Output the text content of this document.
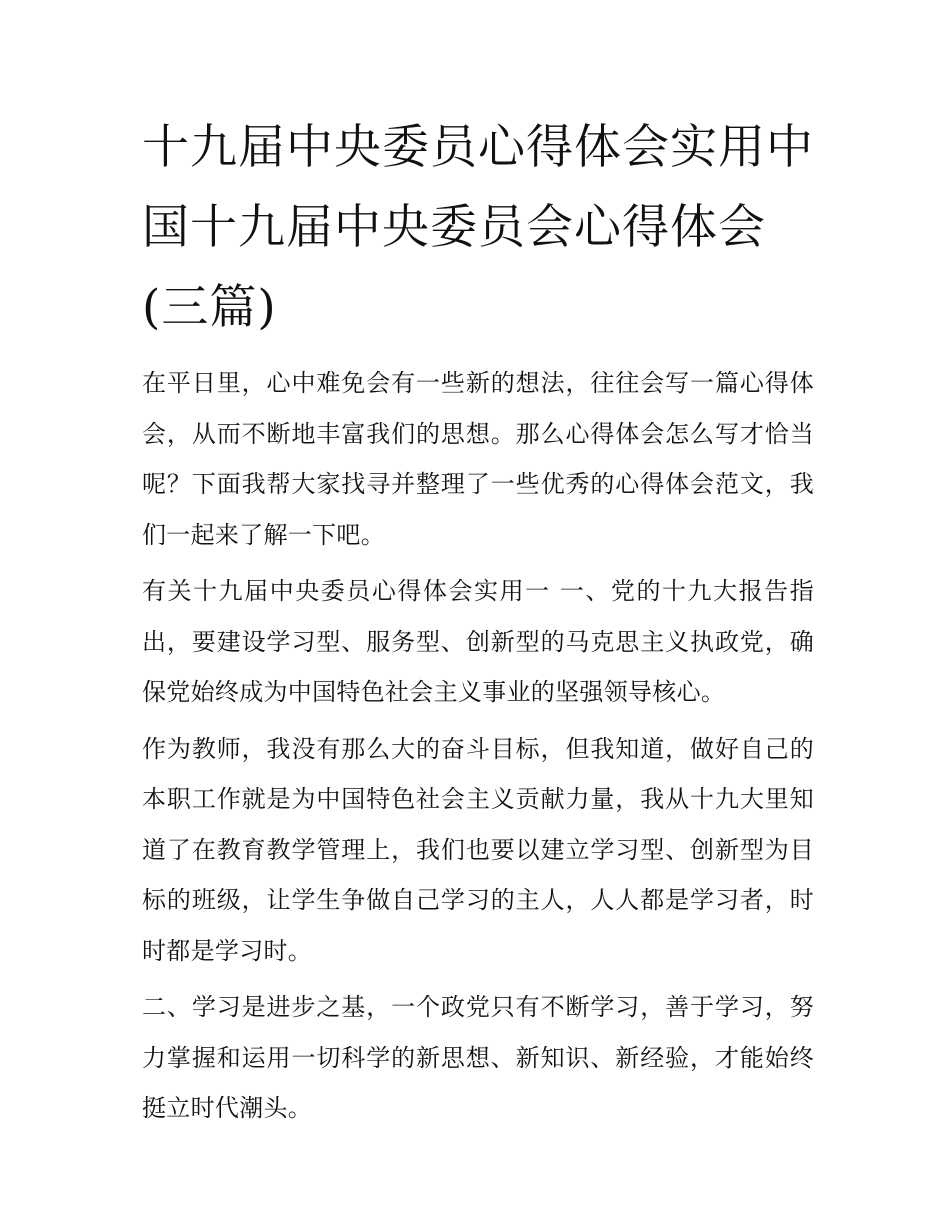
十九届中央委员心得体会实用中国十九届中央委员会心得体会(三篇)

在平日里，心中难免会有一些新的想法，往往会写一篇心得体会，从而不断地丰富我们的思想。那么心得体会怎么写才恰当呢？下面我帮大家找寻并整理了一些优秀的心得体会范文，我们一起来了解一下吧。

有关十九届中央委员心得体会实用一 一、党的十九大报告指出，要建设学习型、服务型、创新型的马克思主义执政党，确保党始终成为中国特色社会主义事业的坚强领导核心。

作为教师，我没有那么大的奋斗目标，但我知道，做好自己的本职工作就是为中国特色社会主义贡献力量，我从十九大里知道了在教育教学管理上，我们也要以建立学习型、创新型为目标的班级，让学生争做自己学习的主人，人人都是学习者，时时都是学习时。

二、学习是进步之基，一个政党只有不断学习，善于学习，努力掌握和运用一切科学的新思想、新知识、新经验，才能始终挺立时代潮头。
